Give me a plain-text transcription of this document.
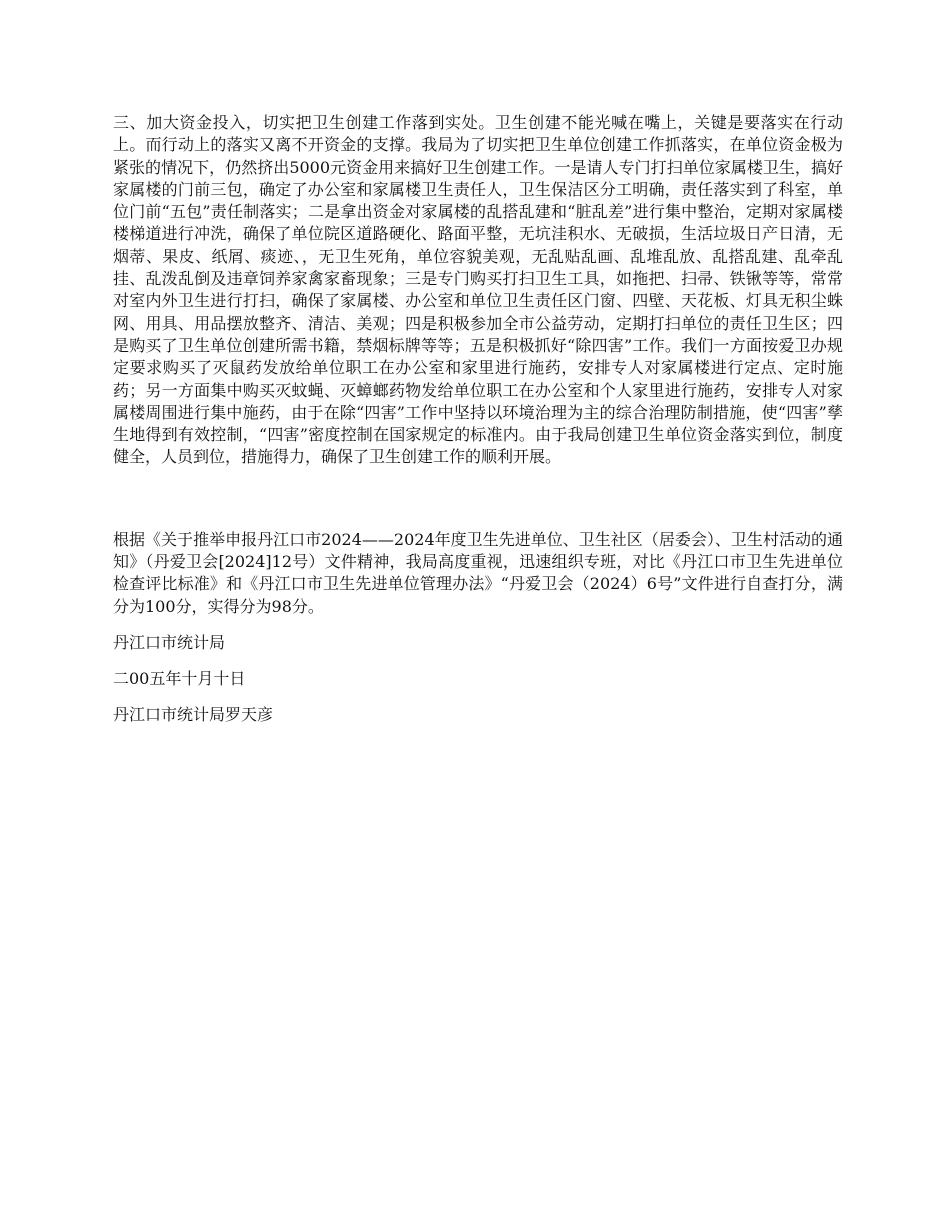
三、加大资金投入，切实把卫生创建工作落到实处。卫生创建不能光喊在嘴上，关键是要落实在行动上。而行动上的落实又离不开资金的支撑。我局为了切实把卫生单位创建工作抓落实，在单位资金极为紧张的情况下，仍然挤出5000元资金用来搞好卫生创建工作。一是请人专门打扫单位家属楼卫生，搞好家属楼的门前三包，确定了办公室和家属楼卫生责任人，卫生保洁区分工明确，责任落实到了科室，单位门前“五包”责任制落实；二是拿出资金对家属楼的乱搭乱建和“脏乱差”进行集中整治，定期对家属楼楼梯道进行冲洗，确保了单位院区道路硬化、路面平整，无坑洼积水、无破损，生活垃圾日产日清，无烟蒂、果皮、纸屑、痰迹、，无卫生死角，单位容貌美观，无乱贴乱画、乱堆乱放、乱搭乱建、乱牵乱挂、乱泼乱倒及违章饲养家禽家畜现象；三是专门购买打扫卫生工具，如拖把、扫帚、铁锹等等，常常对室内外卫生进行打扫，确保了家属楼、办公室和单位卫生责任区门窗、四壁、天花板、灯具无积尘蛛网、用具、用品摆放整齐、清洁、美观；四是积极参加全市公益劳动，定期打扫单位的责任卫生区；四是购买了卫生单位创建所需书籍，禁烟标牌等等；五是积极抓好“除四害”工作。我们一方面按爱卫办规定要求购买了灭鼠药发放给单位职工在办公室和家里进行施药，安排专人对家属楼进行定点、定时施药；另一方面集中购买灭蚊蝇、灭蟑螂药物发给单位职工在办公室和个人家里进行施药，安排专人对家属楼周围进行集中施药，由于在除“四害”工作中坚持以环境治理为主的综合治理防制措施，使“四害”孳生地得到有效控制，“四害”密度控制在国家规定的标准内。由于我局创建卫生单位资金落实到位，制度健全，人员到位，措施得力，确保了卫生创建工作的顺利开展。

根据《关于推举申报丹江口市2024——2024年度卫生先进单位、卫生社区（居委会）、卫生村活动的通知》（丹爱卫会[2024]12号）文件精神，我局高度重视，迅速组织专班，对比《丹江口市卫生先进单位检查评比标准》和《丹江口市卫生先进单位管理办法》“丹爱卫会（2024）6号”文件进行自查打分，满分为100分，实得分为98分。

丹江口市统计局

二00五年十月十日

丹江口市统计局罗天彦
